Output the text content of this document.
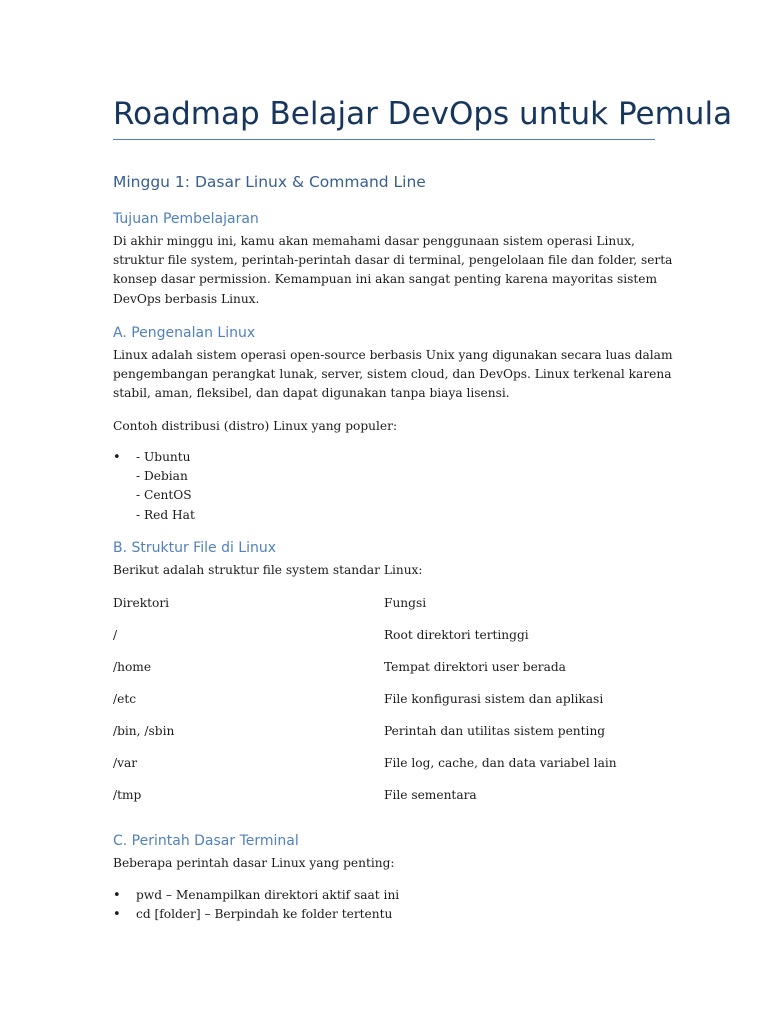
Roadmap Belajar DevOps untuk Pemula
Minggu 1: Dasar Linux & Command Line
Tujuan Pembelajaran
Di akhir minggu ini, kamu akan memahami dasar penggunaan sistem operasi Linux,
struktur file system, perintah-perintah dasar di terminal, pengelolaan file dan folder, serta
konsep dasar permission. Kemampuan ini akan sangat penting karena mayoritas sistem
DevOps berbasis Linux.
A. Pengenalan Linux
Linux adalah sistem operasi open-source berbasis Unix yang digunakan secara luas dalam
pengembangan perangkat lunak, server, sistem cloud, dan DevOps. Linux terkenal karena
stabil, aman, fleksibel, dan dapat digunakan tanpa biaya lisensi.
Contoh distribusi (distro) Linux yang populer:
• - Ubuntu
- Debian
- CentOS
- Red Hat
B. Struktur File di Linux
Berikut adalah struktur file system standar Linux:
Direktori	Fungsi
/	Root direktori tertinggi
/home	Tempat direktori user berada
/etc	File konfigurasi sistem dan aplikasi
/bin, /sbin	Perintah dan utilitas sistem penting
/var	File log, cache, dan data variabel lain
/tmp	File sementara
C. Perintah Dasar Terminal
Beberapa perintah dasar Linux yang penting:
• pwd – Menampilkan direktori aktif saat ini
• cd [folder] – Berpindah ke folder tertentu
